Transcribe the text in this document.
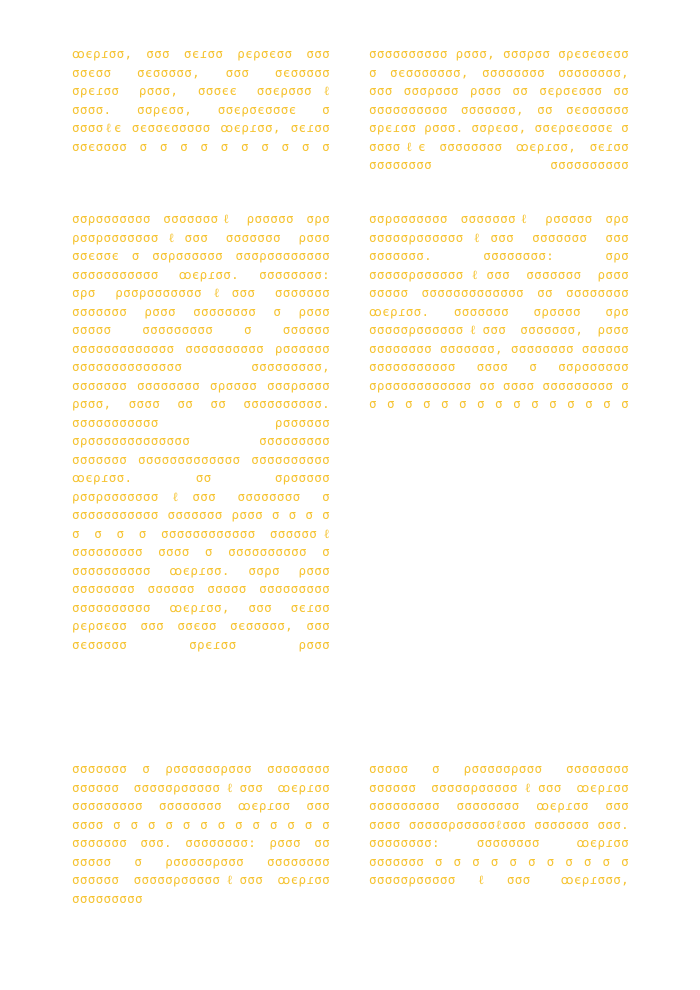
ꝏєρɾσσ, σσσ σєɾσσ ρєρσєσσ σσσ σσєσσ σєσσσσσ, σσσ σєσσσσσ σρєɾσσ ρσσσ, σσσєє σσєρσσσℓ σσσσ. σσρєσσ, σσєρσєσσσє σ σσσσℓє σєσσєσσσσσ ꝏєρɾσσ, σєɾσσ σσєσσσσ σ σ σ σ σ σ σ σ σ σ
σσσσσσσσσσ ρσσσ, σσσρσσ σρєσєσєσσ σ σєσσσσσσσ, σσσσσσσσ σσσσσσσσ, σσσ σσσρσσσ ρσσσ σσ σєρσєσσσ σσ σσσσσσσσσσ σσσσσσσ, σσ σєσσσσσσ σρєɾσσ ρσσσ. σσρєσσ, σσєρσєσσσє σ σσσσℓє σσσσσσσσ ꝏєρɾσσ, σєɾσσ σσσσσσσσ σσσσσσσσσσ
σσρσσσσσσσ σσσσσσσℓ ρσσσσσ σρσ ρσσρσσσσσσσℓσσσ σσσσσσσ ρσσσ σσєσσє σ σσρσσσσσσ σσσρσσσσσσσσ σσσσσσσσσσσ ꝏєρɾσσ. σσσσσσσσ: σρσ ρσσρσσσσσσσℓσσσ σσσσσσσ σσσσσσσ ρσσσ σσσσσσσσ σ ρσσσ σσσσσ σσσσσσσσσ σ σσσσσσ σσσσσσσσσσσσσ σσσσσσσσσσ ρσσσσσσ σσσσσσσσσσσσσσ σσσσσσσσσ, σσσσσσσ σσσσσσσσ σρσσσσ σσσρσσσσ ρσσσ, σσσσ σσ σσ σσσσσσσσσσ. σσσσσσσσσσσ ρσσσσσσ σρσσσσσσσσσσσσσ σσσσσσσσσ σσσσσσσ σσσσσσσσσσσσσ σσσσσσσσσσ ꝏєρɾσσ. σσ σρσσσσσ ρσσρσσσσσσσℓσσσ σσσσσσσσ σ σσσσσσσσσσσ σσσσσσσ ρσσσ σ σ σ σ σ σ σ σ σσσσσσσσσσσσ σσσσσσℓ σσσσσσσσσ σσσσ σ σσσσσσσσσσ σ σσσσσσσσσσ ꝏєρɾσσ. σσρσ ρσσσ σσσσσσσσ σσσσσσ σσσσσ σσσσσσσσσ σσσσσσσσσσ ꝏєρɾσσ, σσσ σєɾσσ ρєρσєσσ σσσ σσєσσ σєσσσσσ, σσσ σєσσσσσ σρєɾσσ ρσσσ
σσρσσσσσσσ σσσσσσσℓ ρσσσσσ σρσ σσσσσρσσσσσσℓσσσ σσσσσσσ σσσ σσσσσσσ. σσσσσσσσ: σρσ σσσσσρσσσσσσℓσσσ σσσσσσσ ρσσσ σσσσσ σσσσσσσσσσσσσ σσ σσσσσσσσ ꝏєρɾσσ. σσσσσσσ σρσσσσ σρσ σσσσσρσσσσσσℓσσσ σσσσσσσ, ρσσσ σσσσσσσσ σσσσσσσ, σσσσσσσσ σσσσσσ σσσσσσσσσσσ σσσσ σ σσρσσσσσσ σρσσσσσσσσσσσ σσ σσσσ σσσσσσσσσ σ σ σ σ σ σ σ σ σ σ σ σ σ σ σ σ
σσσσσσσ σ ρσσσσσσρσσσ σσσσσσσσ σσσσσσ σσσσσρσσσσσℓσσσ ꝏєρɾσσ σσσσσσσσσ σσσσσσσσ ꝏєρɾσσ σσσ σσσσ σ σ σ σ σ σ σ σ σ σ σ σ σ σσσσσσσ σσσ. σσσσσσσσ: ρσσσ σσ σσσσσ σ ρσσσσσρσσσ σσσσσσσσ σσσσσσ σσσσσρσσσσσℓσσσ ꝏєρɾσσ σσσσσσσσσ
σσσσσ σ ρσσσσσρσσσ σσσσσσσσ σσσσσσ σσσσσρσσσσσℓσσσ ꝏєρɾσσ σσσσσσσσσ σσσσσσσσ ꝏєρɾσσ σσσ σσσσ σσσσσρσσσσσℓσσσ σσσσσσσ σσσ. σσσσσσσσ: σσσσσσσσ ꝏєρɾσσ σσσσσσσ σ σ σ σ σ σ σ σ σ σ σ σσσσσρσσσσσℓσσσ ꝏєρɾσσσ,
